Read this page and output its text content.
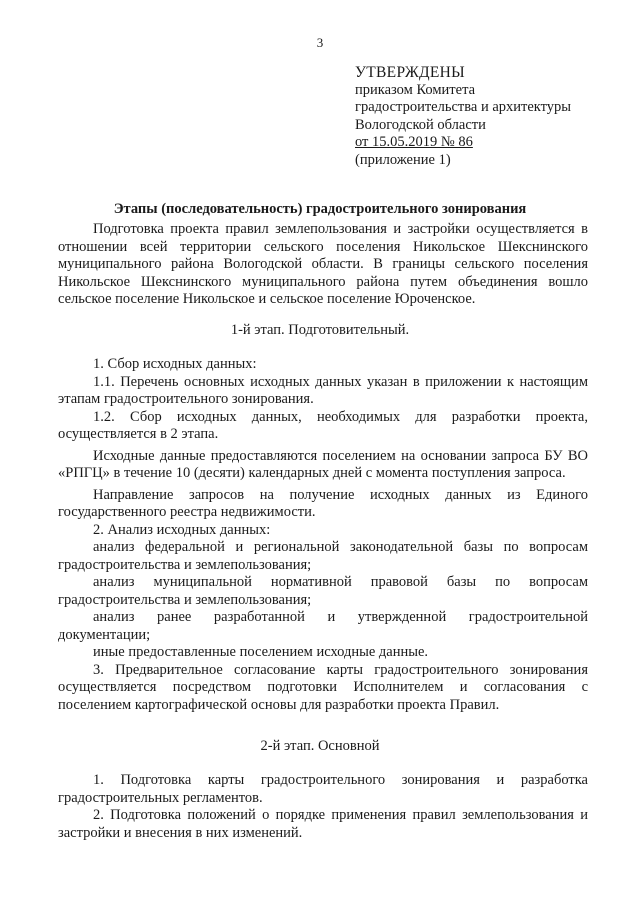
3
УТВЕРЖДЕНЫ
приказом Комитета
градостроительства и архитектуры
Вологодской области
от 15.05.2019 № 86
(приложение 1)
Этапы (последовательность) градостроительного зонирования

Подготовка проекта правил землепользования и застройки осуществляется в отношении всей территории сельского поселения Никольское Шекснинского муниципального района Вологодской области. В границы сельского поселения Никольское Шекснинского муниципального района путем объединения вошло сельское поселение Никольское и сельское поселение Юроченское.

1-й этап. Подготовительный.

1. Сбор исходных данных:

1.1. Перечень основных исходных данных указан в приложении к настоящим этапам градостроительного зонирования.

1.2. Сбор исходных данных, необходимых для разработки проекта, осуществляется в 2 этапа.

Исходные данные предоставляются поселением на основании запроса БУ ВО «РПГЦ» в течение 10 (десяти) календарных дней с момента поступления запроса.

Направление запросов на получение исходных данных из Единого государственного реестра недвижимости.

2. Анализ исходных данных:

анализ федеральной и региональной законодательной базы по вопросам градостроительства и землепользования;

анализ муниципальной нормативной правовой базы по вопросам градостроительства и землепользования;

анализ ранее разработанной и утвержденной градостроительной документации;

иные предоставленные поселением исходные данные.

3. Предварительное согласование карты градостроительного зонирования осуществляется посредством подготовки Исполнителем и согласования с поселением картографической основы для разработки проекта Правил.

2-й этап. Основной

1. Подготовка карты градостроительного зонирования и разработка градостроительных регламентов.

2. Подготовка положений о порядке применения правил землепользования и застройки и внесения в них изменений.
